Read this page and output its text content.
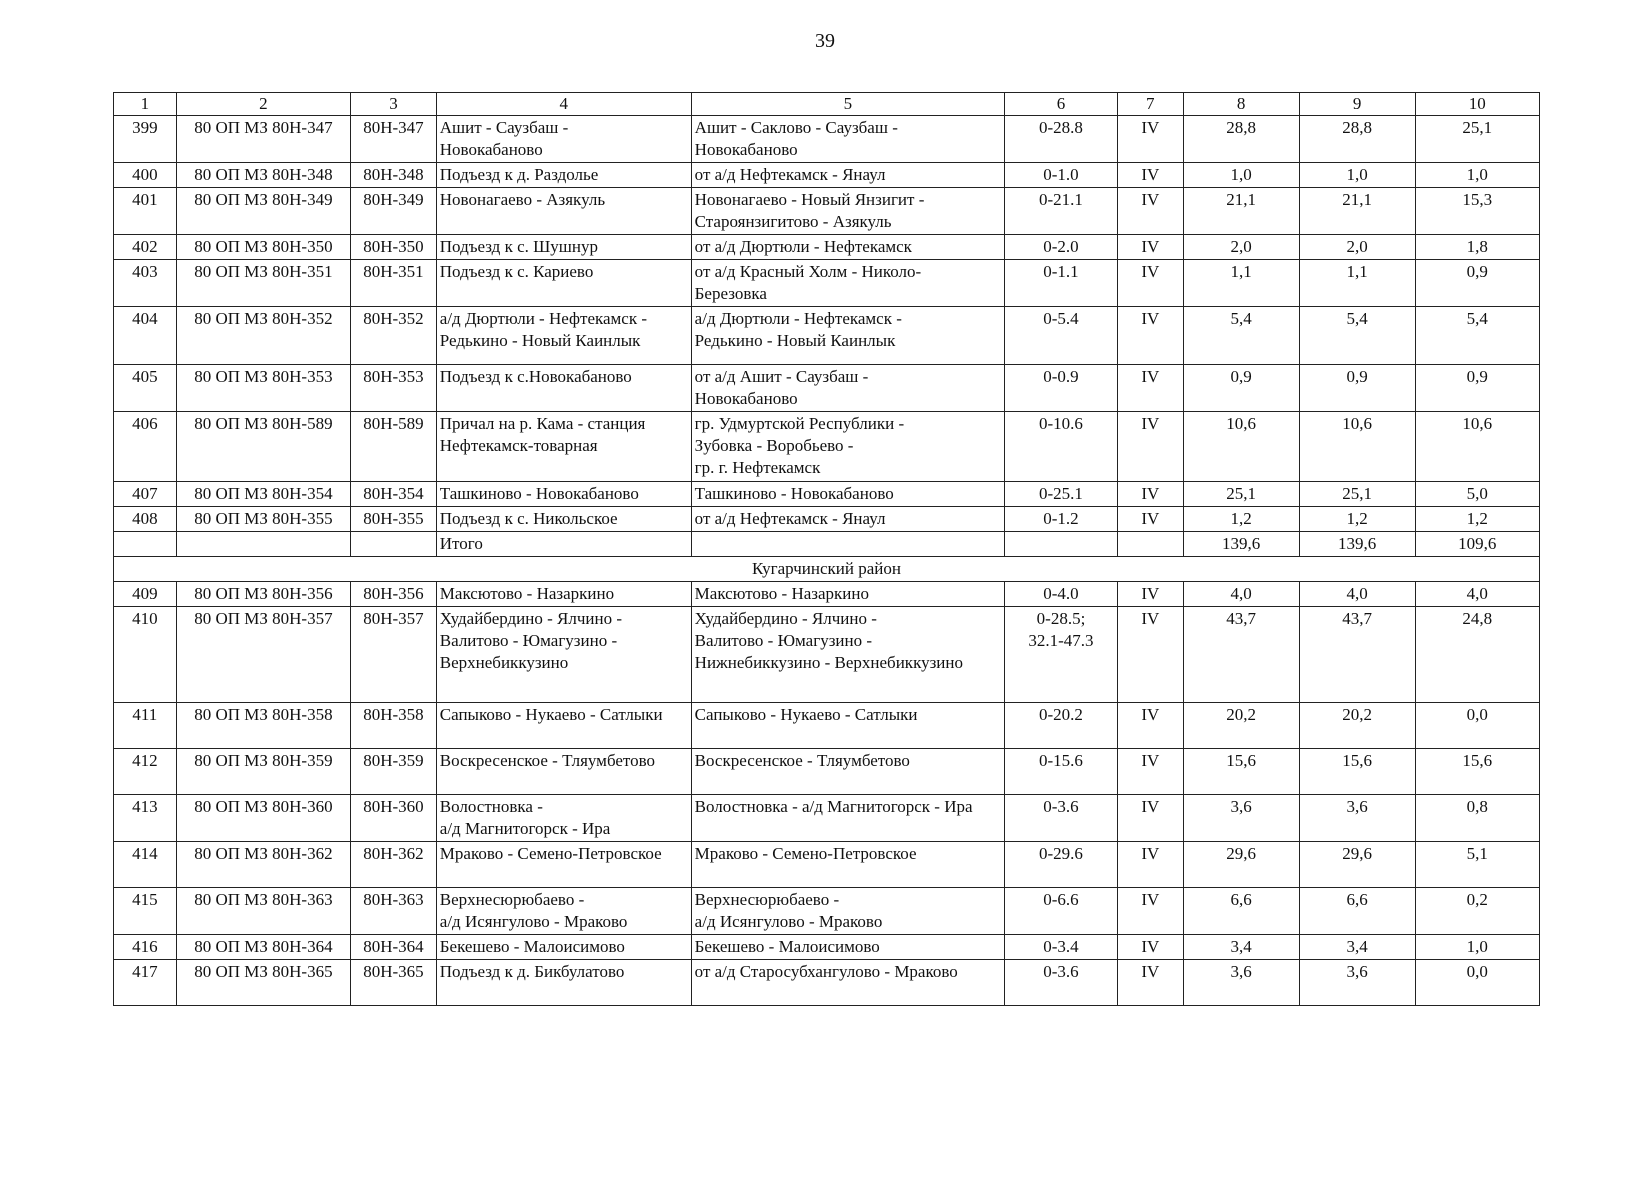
39
1	2	3	4	5	6	7	8	9	10

399	80 ОП МЗ 80Н-347	80Н-347	Ашит - Саузбаш -
Новокабаново	Ашит - Саклово - Саузбаш -
Новокабаново	0-28.8	IV	28,8	28,8	25,1

400	80 ОП МЗ 80Н-348	80Н-348	Подъезд к д. Раздолье	от а/д Нефтекамск - Янаул	0-1.0	IV	1,0	1,0	1,0

401	80 ОП МЗ 80Н-349	80Н-349	Новонагаево - Азякуль	Новонагаево - Новый Янзигит -
Староянзигитово - Азякуль	0-21.1	IV	21,1	21,1	15,3

402	80 ОП МЗ 80Н-350	80Н-350	Подъезд к с. Шушнур	от а/д Дюртюли - Нефтекамск	0-2.0	IV	2,0	2,0	1,8

403	80 ОП МЗ 80Н-351	80Н-351	Подъезд к с. Кариево	от а/д Красный Холм - Николо-
Березовка	0-1.1	IV	1,1	1,1	0,9

404	80 ОП МЗ 80Н-352	80Н-352	а/д Дюртюли - Нефтекамск -
Редькино - Новый Каинлык	а/д Дюртюли - Нефтекамск -
Редькино - Новый Каинлык	0-5.4	IV	5,4	5,4	5,4

405	80 ОП МЗ 80Н-353	80Н-353	Подъезд к с.Новокабаново	от а/д Ашит - Саузбаш -
Новокабаново	0-0.9	IV	0,9	0,9	0,9

406	80 ОП МЗ 80Н-589	80Н-589	Причал на р. Кама - станция
Нефтекамск-товарная	гр. Удмуртской Республики -
Зубовка - Воробьево -
гр. г. Нефтекамск	0-10.6	IV	10,6	10,6	10,6

407	80 ОП МЗ 80Н-354	80Н-354	Ташкиново - Новокабаново	Ташкиново - Новокабаново	0-25.1	IV	25,1	25,1	5,0

408	80 ОП МЗ 80Н-355	80Н-355	Подъезд к с. Никольское	от а/д Нефтекамск - Янаул	0-1.2	IV	1,2	1,2	1,2

			Итого				139,6	139,6	109,6
Кугарчинский район									

409	80 ОП МЗ 80Н-356	80Н-356	Максютово - Назаркино	Максютово - Назаркино	0-4.0	IV	4,0	4,0	4,0

410	80 ОП МЗ 80Н-357	80Н-357	Худайбердино - Ялчино -
Валитово - Юмагузино -
Верхнебиккузино	Худайбердино - Ялчино -
Валитово - Юмагузино -
Нижнебиккузино - Верхнебиккузино	0-28.5;
32.1-47.3	IV	43,7	43,7	24,8

411	80 ОП МЗ 80Н-358	80Н-358	Сапыково - Нукаево - Сатлыки	Сапыково - Нукаево - Сатлыки	0-20.2	IV	20,2	20,2	0,0

412	80 ОП МЗ 80Н-359	80Н-359	Воскресенское - Тляумбетово	Воскресенское - Тляумбетово	0-15.6	IV	15,6	15,6	15,6

413	80 ОП МЗ 80Н-360	80Н-360	Волостновка -
а/д Магнитогорск - Ира	Волостновка - а/д Магнитогорск - Ира	0-3.6	IV	3,6	3,6	0,8

414	80 ОП МЗ 80Н-362	80Н-362	Мраково - Семено-Петровское	Мраково - Семено-Петровское	0-29.6	IV	29,6	29,6	5,1

415	80 ОП МЗ 80Н-363	80Н-363	Верхнесюрюбаево -
а/д Исянгулово - Мраково	Верхнесюрюбаево -
а/д Исянгулово - Мраково	0-6.6	IV	6,6	6,6	0,2

416	80 ОП МЗ 80Н-364	80Н-364	Бекешево - Малоисимово	Бекешево - Малоисимово	0-3.4	IV	3,4	3,4	1,0

417	80 ОП МЗ 80Н-365	80Н-365	Подъезд к д. Бикбулатово	от а/д Старосубхангулово - Мраково	0-3.6	IV	3,6	3,6	0,0
